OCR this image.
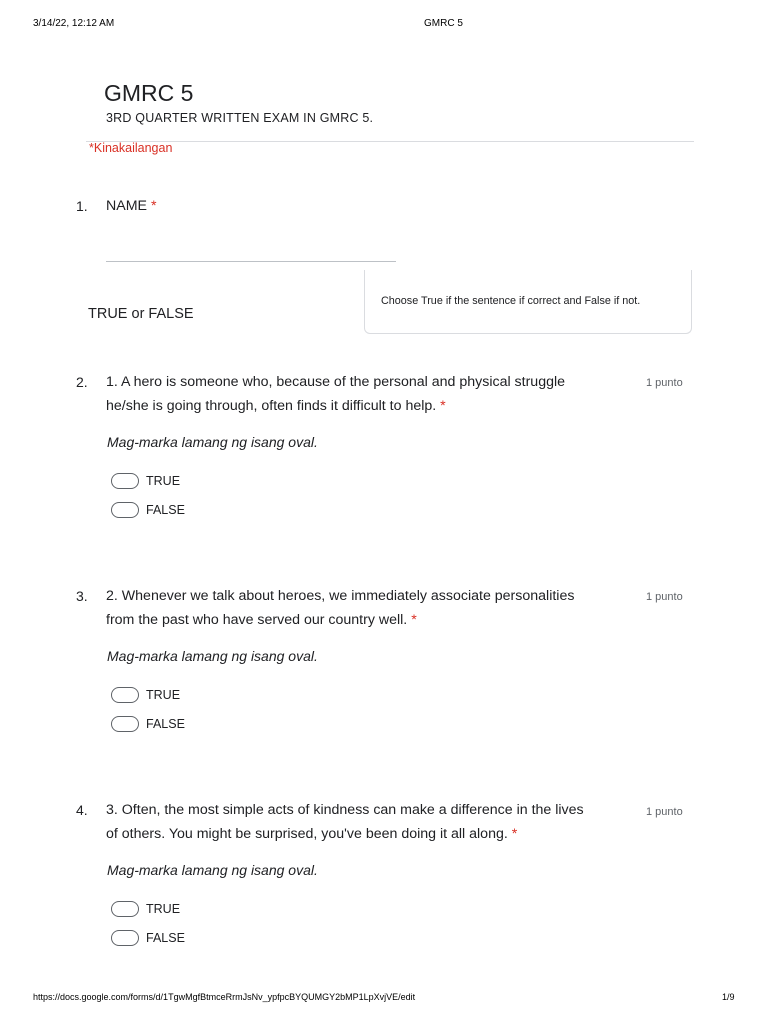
3/14/22, 12:12 AM	GMRC 5
GMRC 5
3RD QUARTER WRITTEN EXAM IN GMRC 5.
*Kinakailangan
1. NAME *
TRUE or FALSE
Choose True if the sentence if correct and False if not.
2. 1. A hero is someone who, because of the personal and physical struggle
he/she is going through, often finds it difficult to help. *
1 punto
Mag-marka lamang ng isang oval.
TRUE
FALSE
3. 2. Whenever we talk about heroes, we immediately associate personalities
from the past who have served our country well. *
1 punto
Mag-marka lamang ng isang oval.
TRUE
FALSE
4. 3. Often, the most simple acts of kindness can make a difference in the lives
of others. You might be surprised, you've been doing it all along. *
1 punto
Mag-marka lamang ng isang oval.
TRUE
FALSE
https://docs.google.com/forms/d/1TgwMgfBtmceRrmJsNv_ypfpcBYQUMGY2bMP1LpXvjVE/edit	1/9
